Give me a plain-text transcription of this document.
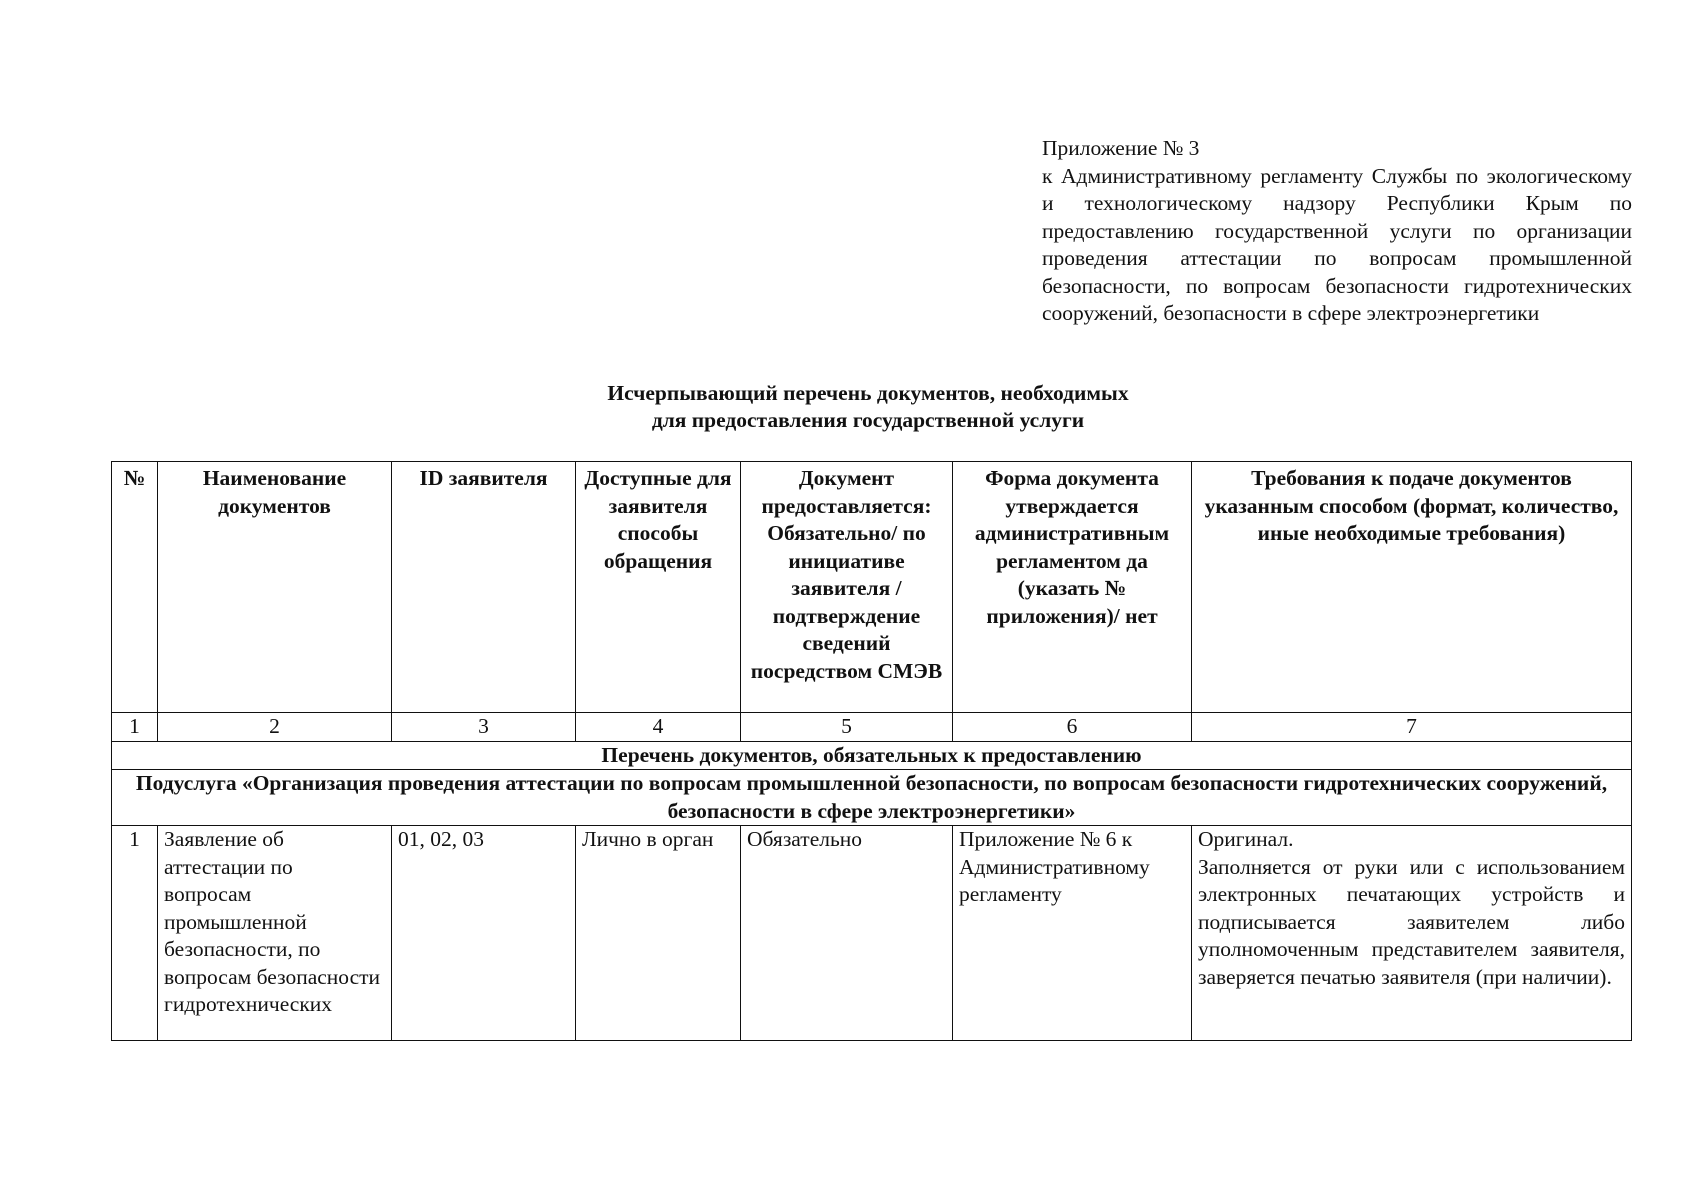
Приложение № 3
к Административному регламенту Службы по экологическому и технологическому надзору Республики Крым по предоставлению государственной услуги по организации проведения аттестации по вопросам промышленной безопасности, по вопросам безопасности гидротехнических сооружений, безопасности в сфере электроэнергетики
Исчерпывающий перечень документов, необходимых
для предоставления государственной услуги
№	Наименование документов	ID заявителя	Доступные для заявителя способы обращения	Документ предоставляется: Обязательно/ по инициативе заявителя /подтверждение сведений посредством СМЭВ	Форма документа утверждается административным регламентом да (указать № приложения)/ нет	Требования к подаче документов указанным способом (формат, количество, иные необходимые требования)
1	2	3	4	5	6	7
Перечень документов, обязательных к предоставлению						
Подуслуга «Организация проведения аттестации по вопросам промышленной безопасности, по вопросам безопасности гидротехнических сооружений, безопасности в сфере электроэнергетики»						
1	Заявление об аттестации по вопросам промышленной безопасности, по вопросам безопасности гидротехнических	01, 02, 03	Лично в орган	Обязательно	Приложение № 6 к Административному регламенту	Оригинал.
Заполняется от руки или с использованием электронных печатающих устройств и подписывается заявителем либо уполномоченным представителем заявителя, заверяется печатью заявителя (при наличии).
